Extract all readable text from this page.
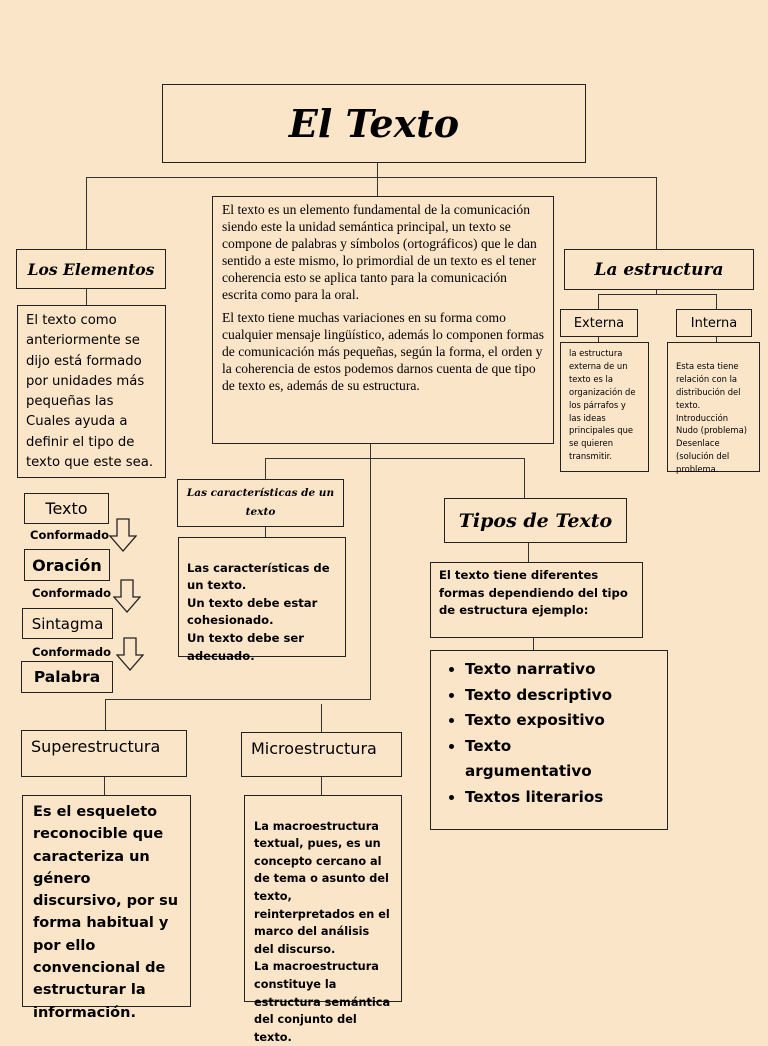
El Texto

El texto es un elemento fundamental de la comunicación siendo este la unidad semántica principal, un texto se compone de palabras y símbolos (ortográficos) que le dan sentido a este mismo, lo primordial de un texto es el tener coherencia esto se aplica tanto para la comunicación escrita como para la oral.

El texto tiene muchas variaciones en su forma como cualquier mensaje lingüístico, además lo componen formas de comunicación más pequeñas, según la forma, el orden y la coherencia de estos podemos darnos cuenta de que tipo de texto es, además de su estructura.

Los Elementos
El texto como anteriormente se dijo está formado por unidades más pequeñas las Cuales ayuda a definir el tipo de texto que este sea.
Texto
Conformado
Oración
Conformado
Sintagma
Conformado
Palabra
La estructura
Externa	Interna
la estructura externa de un texto es la organización de los párrafos y las ideas principales que se quieren transmitir.

Esta esta tiene relación con la distribución del texto. Introducción Nudo (problema) Desenlace (solución del problema.

Las características de un texto

Las características de un texto.
Un texto debe estar cohesionado.
Un texto debe ser adecuado.

Tipos de Texto
El texto tiene diferentes formas dependiendo del tipo de estructura ejemplo:
• Texto narrativo
• Texto descriptivo
• Texto expositivo
• Texto argumentativo
• Textos literarios
Superestructura
Es el esqueleto reconocible que caracteriza un género discursivo, por su forma habitual y por ello convencional de estructurar la información.
Microestructura

La macroestructura textual, pues, es un concepto cercano al de tema o asunto del texto, reinterpretados en el marco del análisis del discurso.
La macroestructura constituye la estructura semántica del conjunto del texto.
